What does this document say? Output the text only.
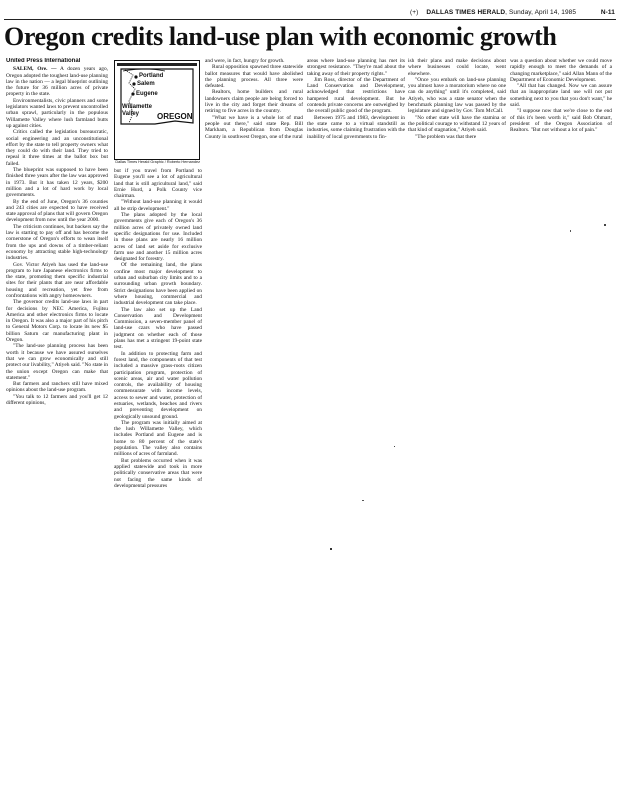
(+) DALLAS TIMES HERALD, Sunday, April 14, 1985	N-11
Oregon credits land-use plan with economic growth
United Press International

SALEM, Ore. — A dozen years ago, Oregon adopted the toughest land-use planning law in the nation — a legal blueprint outlining the future for 36 million acres of private property in the state.

Environmentalists, civic planners and some legislators wanted laws to prevent uncontrolled urban sprawl, particularly in the populous Willamette Valley where lush farmland butts up against cities.

Critics called the legislation bureaucratic, social engineering and an unconstitutional effort by the state to tell property owners what they could do with their land. They tried to repeal it three times at the ballot box but failed.

The blueprint was supposed to have been finished three years after the law was approved in 1973. But it has taken 12 years, $200 million and a lot of hard work by local governments.

By the end of June, Oregon's 36 counties and 243 cities are expected to have received state approval of plans that will govern Oregon development from now until the year 2000.

The criticism continues, but backers say the law is starting to pay off and has become the cornerstone of Oregon's efforts to wean itself from the ups and downs of a timber-reliant economy by attracting stable high-technology industries.

Gov. Victor Atiyeh has used the land-use program to lure Japanese electronics firms to the state, promoting them specific industrial sites for their plants that are near affordable housing and recreation, yet free from confrontations with angry homeowners.

The governor credits land-use laws in part for decisions by NEC America, Fujitsu America and other electronics firms to locate in Oregon. It was also a major part of his pitch to General Motors Corp. to locate its new $5 billion Saturn car manufacturing plant in Oregon.

"The land-use planning process has been worth it because we have assured ourselves that we can grow economically and still protect our livability," Atiyeh said. "No state in the union except Oregon can make that statement."

But farmers and ranchers still have mixed opinions about the land-use program.

"You talk to 12 farmers and you'll get 12 different opinions,

Portland
Salem
Eugene
Willamette Valley	OREGON
Dallas Times Herald Graphic / Roberto Hernandez

but if you travel from Portland to Eugene you'll see a lot of agricultural land that is still agricultural land," said Ernie Hurd, a Polk County vice chairman.

"Without land-use planning it would all be strip development."

The plans adopted by the local governments give each of Oregon's 36 million acres of privately owned land specific designations for use. Included in those plans are nearly 16 million acres of land set aside for exclusive farm use and another 15 million acres designated for forestry.

Of the remaining land, the plans confine most major development to urban and suburban city limits and to a surrounding urban growth boundary. Strict designations have been applied on where housing, commercial and industrial development can take place.

The law also set up the Land Conservation and Development Commission, a seven-member panel of land-use czars who have passed judgment on whether each of those plans has met a stringent 19-point state test.

In addition to protecting farm and forest land, the components of that test included a massive grass-roots citizen participation program, protection of scenic areas, air and water pollution controls, the availability of housing commensurate with income levels, access to sewer and water, protection of estuaries, wetlands, beaches and rivers and preventing development on geologically unsound ground.

The program was initially aimed at the lush Willamette Valley, which includes Portland and Eugene and is home to 80 percent of the state's population. The valley also contains millions of acres of farmland.

But problems occurred when it was applied statewide and took in more politically conservative areas that were not facing the same kinds of developmental pressures

and were, in fact, hungry for growth.

Rural opposition spawned three statewide ballot measures that would have abolished the planning process. All three were defeated.

Realtors, home builders and rural landowners claim people are being forced to live in the city and forget their dreams of retiring to five acres in the country.

"What we have is a whole lot of mad people out there," said state Rep. Bill Markham, a Republican from Douglas County in southwest Oregon, one of the rural

areas where land-use planning has met its strongest resistance. "They're mad about the taking away of their property rights."

Jim Ross, director of the Department of Land Conservation and Development, acknowledged that restrictions have hampered rural development. But he contends private concerns are outweighed by the overall public good of the program.

Between 1975 and 1983, development in the state came to a virtual standstill as industries, some claiming frustration with the inability of local governments to fin-

ish their plans and make decisions about where businesses could locate, went elsewhere.

"Once you embark on land-use planning you almost have a moratorium where no one can do anything" until it's completed, said Atiyeh, who was a state senator when the benchmark planning law was passed by the legislature and signed by Gov. Tom McCall.

"No other state will have the stamina or the political courage to withstand 12 years of that kind of stagnation," Atiyeh said.

"The problem was that there

was a question about whether we could move rapidly enough to meet the demands of a changing marketplace," said Allan Mann of the Department of Economic Development.

"All that has changed. Now we can assure that an inappropriate land use will not put something next to you that you don't want," he said.

"I suppose now that we're close to the end of this it's been worth it," said Bob Ohmart, president of the Oregon Association of Realtors. "But not without a lot of pain."
